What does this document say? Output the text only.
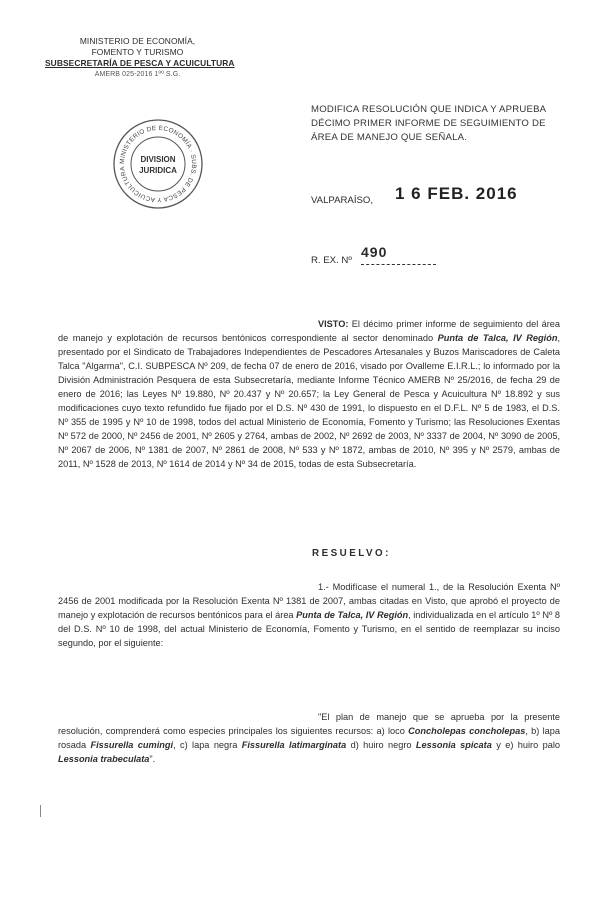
MINISTERIO DE ECONOMÍA,
FOMENTO Y TURISMO
SUBSECRETARÍA DE PESCA Y ACUICULTURA
AMERB 025-2016 1ºº S.G.
MINISTERIO DE ECONOMÍA · SUBS. DE PESCA Y ACUICULTURA
DIVISION
JURIDICA
MODIFICA RESOLUCIÓN QUE INDICA Y APRUEBA
DÉCIMO PRIMER INFORME DE SEGUIMIENTO DE
ÁREA DE MANEJO QUE SEÑALA.
VALPARAÍSO, 1 6 FEB. 2016
R. EX. Nº
490
VISTO: El décimo primer informe de seguimiento del área de manejo y explotación de recursos bentónicos correspondiente al sector denominado Punta de Talca, IV Región, presentado por el Sindicato de Trabajadores Independientes de Pescadores Artesanales y Buzos Mariscadores de Caleta Talca "Algarma", C.I. SUBPESCA Nº 209, de fecha 07 de enero de 2016, visado por Ovalleme E.I.R.L.; lo informado por la División Administración Pesquera de esta Subsecretaría, mediante Informe Técnico AMERB Nº 25/2016, de fecha 29 de enero de 2016; las Leyes Nº 19.880, Nº 20.437 y Nº 20.657; la Ley General de Pesca y Acuicultura Nº 18.892 y sus modificaciones cuyo texto refundido fue fijado por el D.S. Nº 430 de 1991, lo dispuesto en el D.F.L. Nº 5 de 1983, el D.S. Nº 355 de 1995 y Nº 10 de 1998, todos del actual Ministerio de Economía, Fomento y Turismo; las Resoluciones Exentas Nº 572 de 2000, Nº 2456 de 2001, Nº 2605 y 2764, ambas de 2002, Nº 2692 de 2003, Nº 3337 de 2004, Nº 3090 de 2005, Nº 2067 de 2006, Nº 1381 de 2007, Nº 2861 de 2008, Nº 533 y Nº 1872, ambas de 2010, Nº 395 y Nº 2579, ambas de 2011, Nº 1528 de 2013, Nº 1614 de 2014 y Nº 34 de 2015, todas de esta Subsecretaría.
RESUELVO:
1.- Modifícase el numeral 1., de la Resolución Exenta Nº 2456 de 2001 modificada por la Resolución Exenta Nº 1381 de 2007, ambas citadas en Visto, que aprobó el proyecto de manejo y explotación de recursos bentónicos para el área Punta de Talca, IV Región, individualizada en el artículo 1º Nº 8 del D.S. Nº 10 de 1998, del actual Ministerio de Economía, Fomento y Turismo, en el sentido de reemplazar su inciso segundo, por el siguiente:
"El plan de manejo que se aprueba por la presente resolución, comprenderá como especies principales los siguientes recursos: a) loco Concholepas concholepas, b) lapa rosada Fissurella cumingi, c) lapa negra Fissurella latimarginata d) huiro negro Lessonia spicata y e) huiro palo Lessonia trabeculata".
